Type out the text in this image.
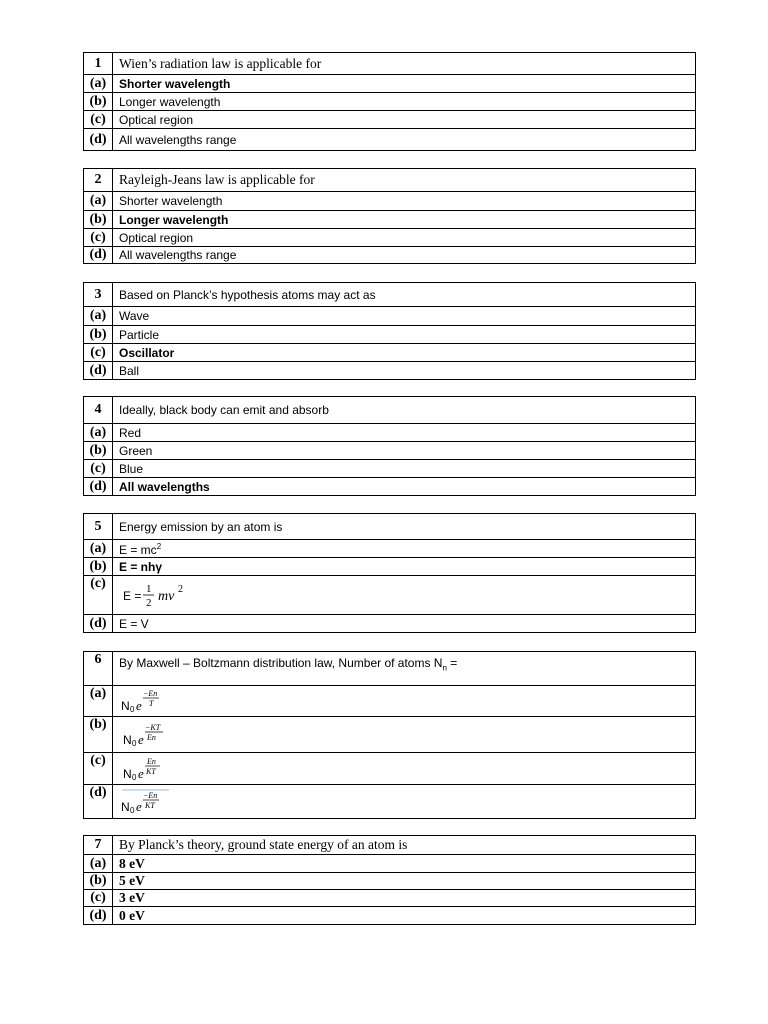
1	Wien’s radiation law is applicable for
(a)	Shorter wavelength
(b)	Longer wavelength
(c)	Optical region
(d)	All wavelengths range
2	Rayleigh-Jeans law is applicable for
(a)	Shorter wavelength
(b)	Longer wavelength
(c)	Optical region
(d)	All wavelengths range
3	Based on Planck’s hypothesis atoms may act as
(a)	Wave
(b)	Particle
(c)	Oscillator
(d)	Ball
4	Ideally, black body can emit and absorb
(a)	Red
(b)	Green
(c)	Blue
(d)	All wavelengths
5	Energy emission by an atom is
(a)	$E = mc^2$
(b)	E = nhγ
(c)	E = 1
2 mv 2

(d)	E = V
6	By Maxwell – Boltzmann distribution law, Number of atoms $N_n$ =
(a)	N 0 e
−En
T

(b)	N 0 e
−KT
En

(c)	N 0 e
En
KT

(d)	N 0 e
−En
KT
7	By Planck’s theory, ground state energy of an atom is
(a)	8 eV
(b)	5 eV
(c)	3 eV
(d)	0 eV
